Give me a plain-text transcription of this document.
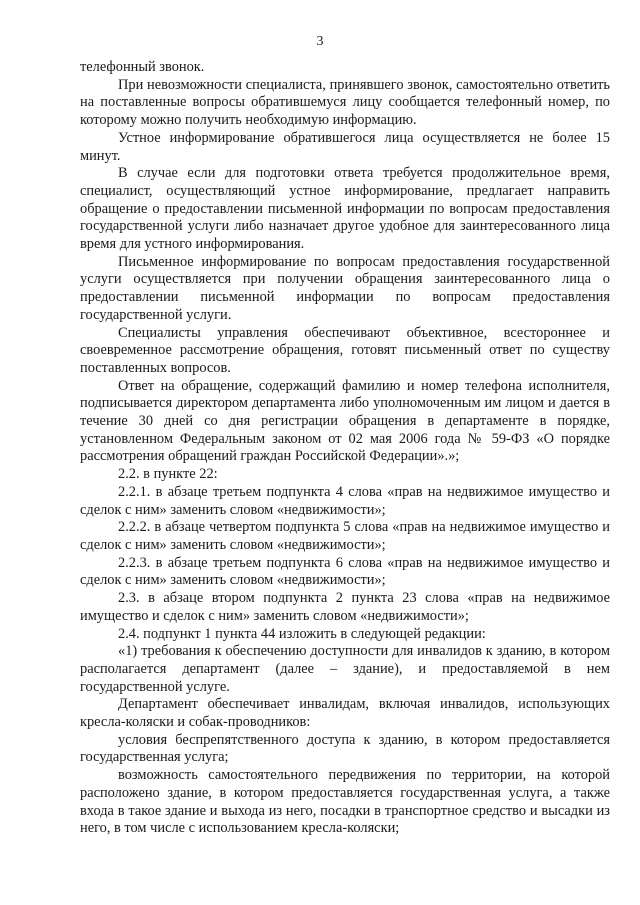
3

телефонный звонок.

При невозможности специалиста, принявшего звонок, самостоятельно ответить на поставленные вопросы обратившемуся лицу сообщается телефонный номер, по которому можно получить необходимую информацию.

Устное информирование обратившегося лица осуществляется не более 15 минут.

В случае если для подготовки ответа требуется продолжительное время, специалист, осуществляющий устное информирование, предлагает направить обращение о предоставлении письменной информации по вопросам предоставления государственной услуги либо назначает другое удобное для заинтересованного лица время для устного информирования.

Письменное информирование по вопросам предоставления государственной услуги осуществляется при получении обращения заинтересованного лица о предоставлении письменной информации по вопросам предоставления государственной услуги.

Специалисты управления обеспечивают объективное, всестороннее и своевременное рассмотрение обращения, готовят письменный ответ по существу поставленных вопросов.

Ответ на обращение, содержащий фамилию и номер телефона исполнителя, подписывается директором департамента либо уполномоченным им лицом и дается в течение 30 дней со дня регистрации обращения в департаменте в порядке, установленном Федеральным законом от 02 мая 2006 года № 59-ФЗ «О порядке рассмотрения обращений граждан Российской Федерации».»;

2.2. в пункте 22:

2.2.1. в абзаце третьем подпункта 4 слова «прав на недвижимое имущество и сделок с ним» заменить словом «недвижимости»;

2.2.2. в абзаце четвертом подпункта 5 слова «прав на недвижимое имущество и сделок с ним» заменить словом «недвижимости»;

2.2.3. в абзаце третьем подпункта 6 слова «прав на недвижимое имущество и сделок с ним» заменить словом «недвижимости»;

2.3. в абзаце втором подпункта 2 пункта 23 слова «прав на недвижимое имущество и сделок с ним» заменить словом «недвижимости»;

2.4. подпункт 1 пункта 44 изложить в следующей редакции:

«1) требования к обеспечению доступности для инвалидов к зданию, в котором располагается департамент (далее – здание), и предоставляемой в нем государственной услуге.

Департамент обеспечивает инвалидам, включая инвалидов, использующих кресла-коляски и собак-проводников:

условия беспрепятственного доступа к зданию, в котором предоставляется государственная услуга;

возможность самостоятельного передвижения по территории, на которой расположено здание, в котором предоставляется государственная услуга, а также входа в такое здание и выхода из него, посадки в транспортное средство и высадки из него, в том числе с использованием кресла-коляски;
